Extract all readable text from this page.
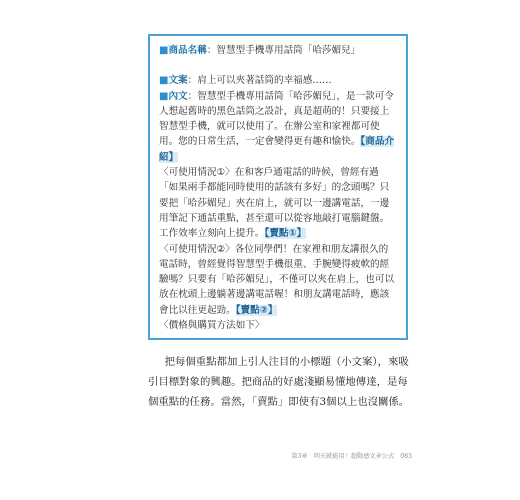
■商品名稱：智慧型手機專用話筒「哈莎媚兒」

■文案：肩上可以夾著話筒的幸福感……

■內文：智慧型手機專用話筒「哈莎媚兒」，是一款可令人想起舊時的黑色話筒之設計，真是超萌的！只要接上智慧型手機，就可以使用了。在辦公室和家裡都可使用。您的日常生活，一定會變得更有趣和愉快。【商品介紹】

〈可使用情況①〉在和客戶通電話的時候，曾經有過「如果兩手都能同時使用的話該有多好」的念頭嗎？只要把「哈莎媚兒」夾在肩上，就可以一邊講電話，一邊用筆記下通話重點，甚至還可以從容地敲打電腦鍵盤。工作效率立刻向上提升。【賣點①】

〈可使用情況②〉各位同學們！在家裡和朋友講很久的電話時，曾經覺得智慧型手機很重、手腕變得疲軟的經驗嗎？只要有「哈莎媚兒」，不僅可以夾在肩上，也可以放在枕頭上邊躺著邊講電話喔！和朋友講電話時，應該會比以往更起勁。【賣點②】

〈價格與購買方法如下〉

把每個重點都加上引人注目的小標題（小文案），來吸引目標對象的興趣。把商品的好處淺顯易懂地傳達，是每個重點的任務。當然，「賣點」即使有3個以上也沒關係。

第3章　明天就能用！超動感文章公式 083
